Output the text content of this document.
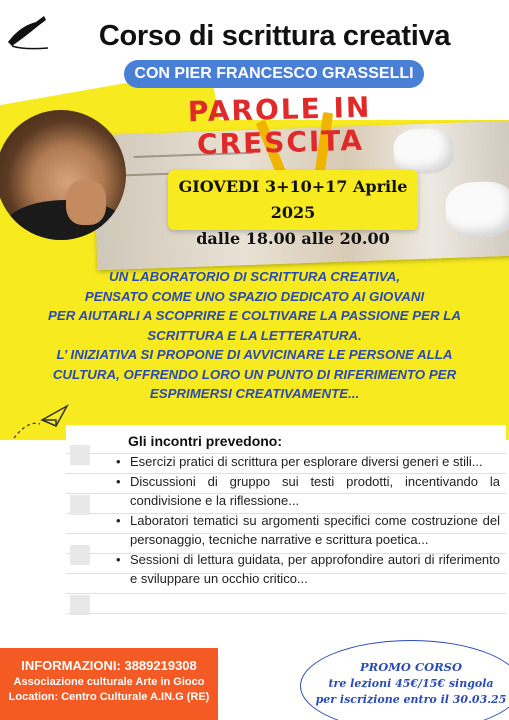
Corso di scrittura creativa
CON PIER FRANCESCO GRASSELLI
PAROLE IN CRESCITA
GIOVEDI 3+10+17 Aprile 2025
dalle 18.00 alle 20.00
UN LABORATORIO DI SCRITTURA CREATIVA,
PENSATO COME UNO SPAZIO DEDICATO AI GIOVANI
PER AIUTARLI A SCOPRIRE E COLTIVARE LA PASSIONE PER LA
SCRITTURA E LA LETTERATURA.
L’ INIZIATIVA SI PROPONE DI AVVICINARE LE PERSONE ALLA
CULTURA, OFFRENDO LORO UN PUNTO DI RIFERIMENTO PER
ESPRIMERSI CREATIVAMENTE...
Gli incontri prevedono:
• Esercizi pratici di scrittura per esplorare diversi generi e stili...
• Discussioni di gruppo sui testi prodotti, incentivando la condivisione e la riflessione...
• Laboratori tematici su argomenti specifici come costruzione del personaggio, tecniche narrative e scrittura poetica...
• Sessioni di lettura guidata, per approfondire autori di riferimento e sviluppare un occhio critico...
INFORMAZIONI: 3889219308
Associazione culturale Arte in Gioco
Location: Centro Culturale A.IN.G (RE)
PROMO CORSO
tre lezioni 45€/15€ singola
per iscrizione entro il 30.03.25
